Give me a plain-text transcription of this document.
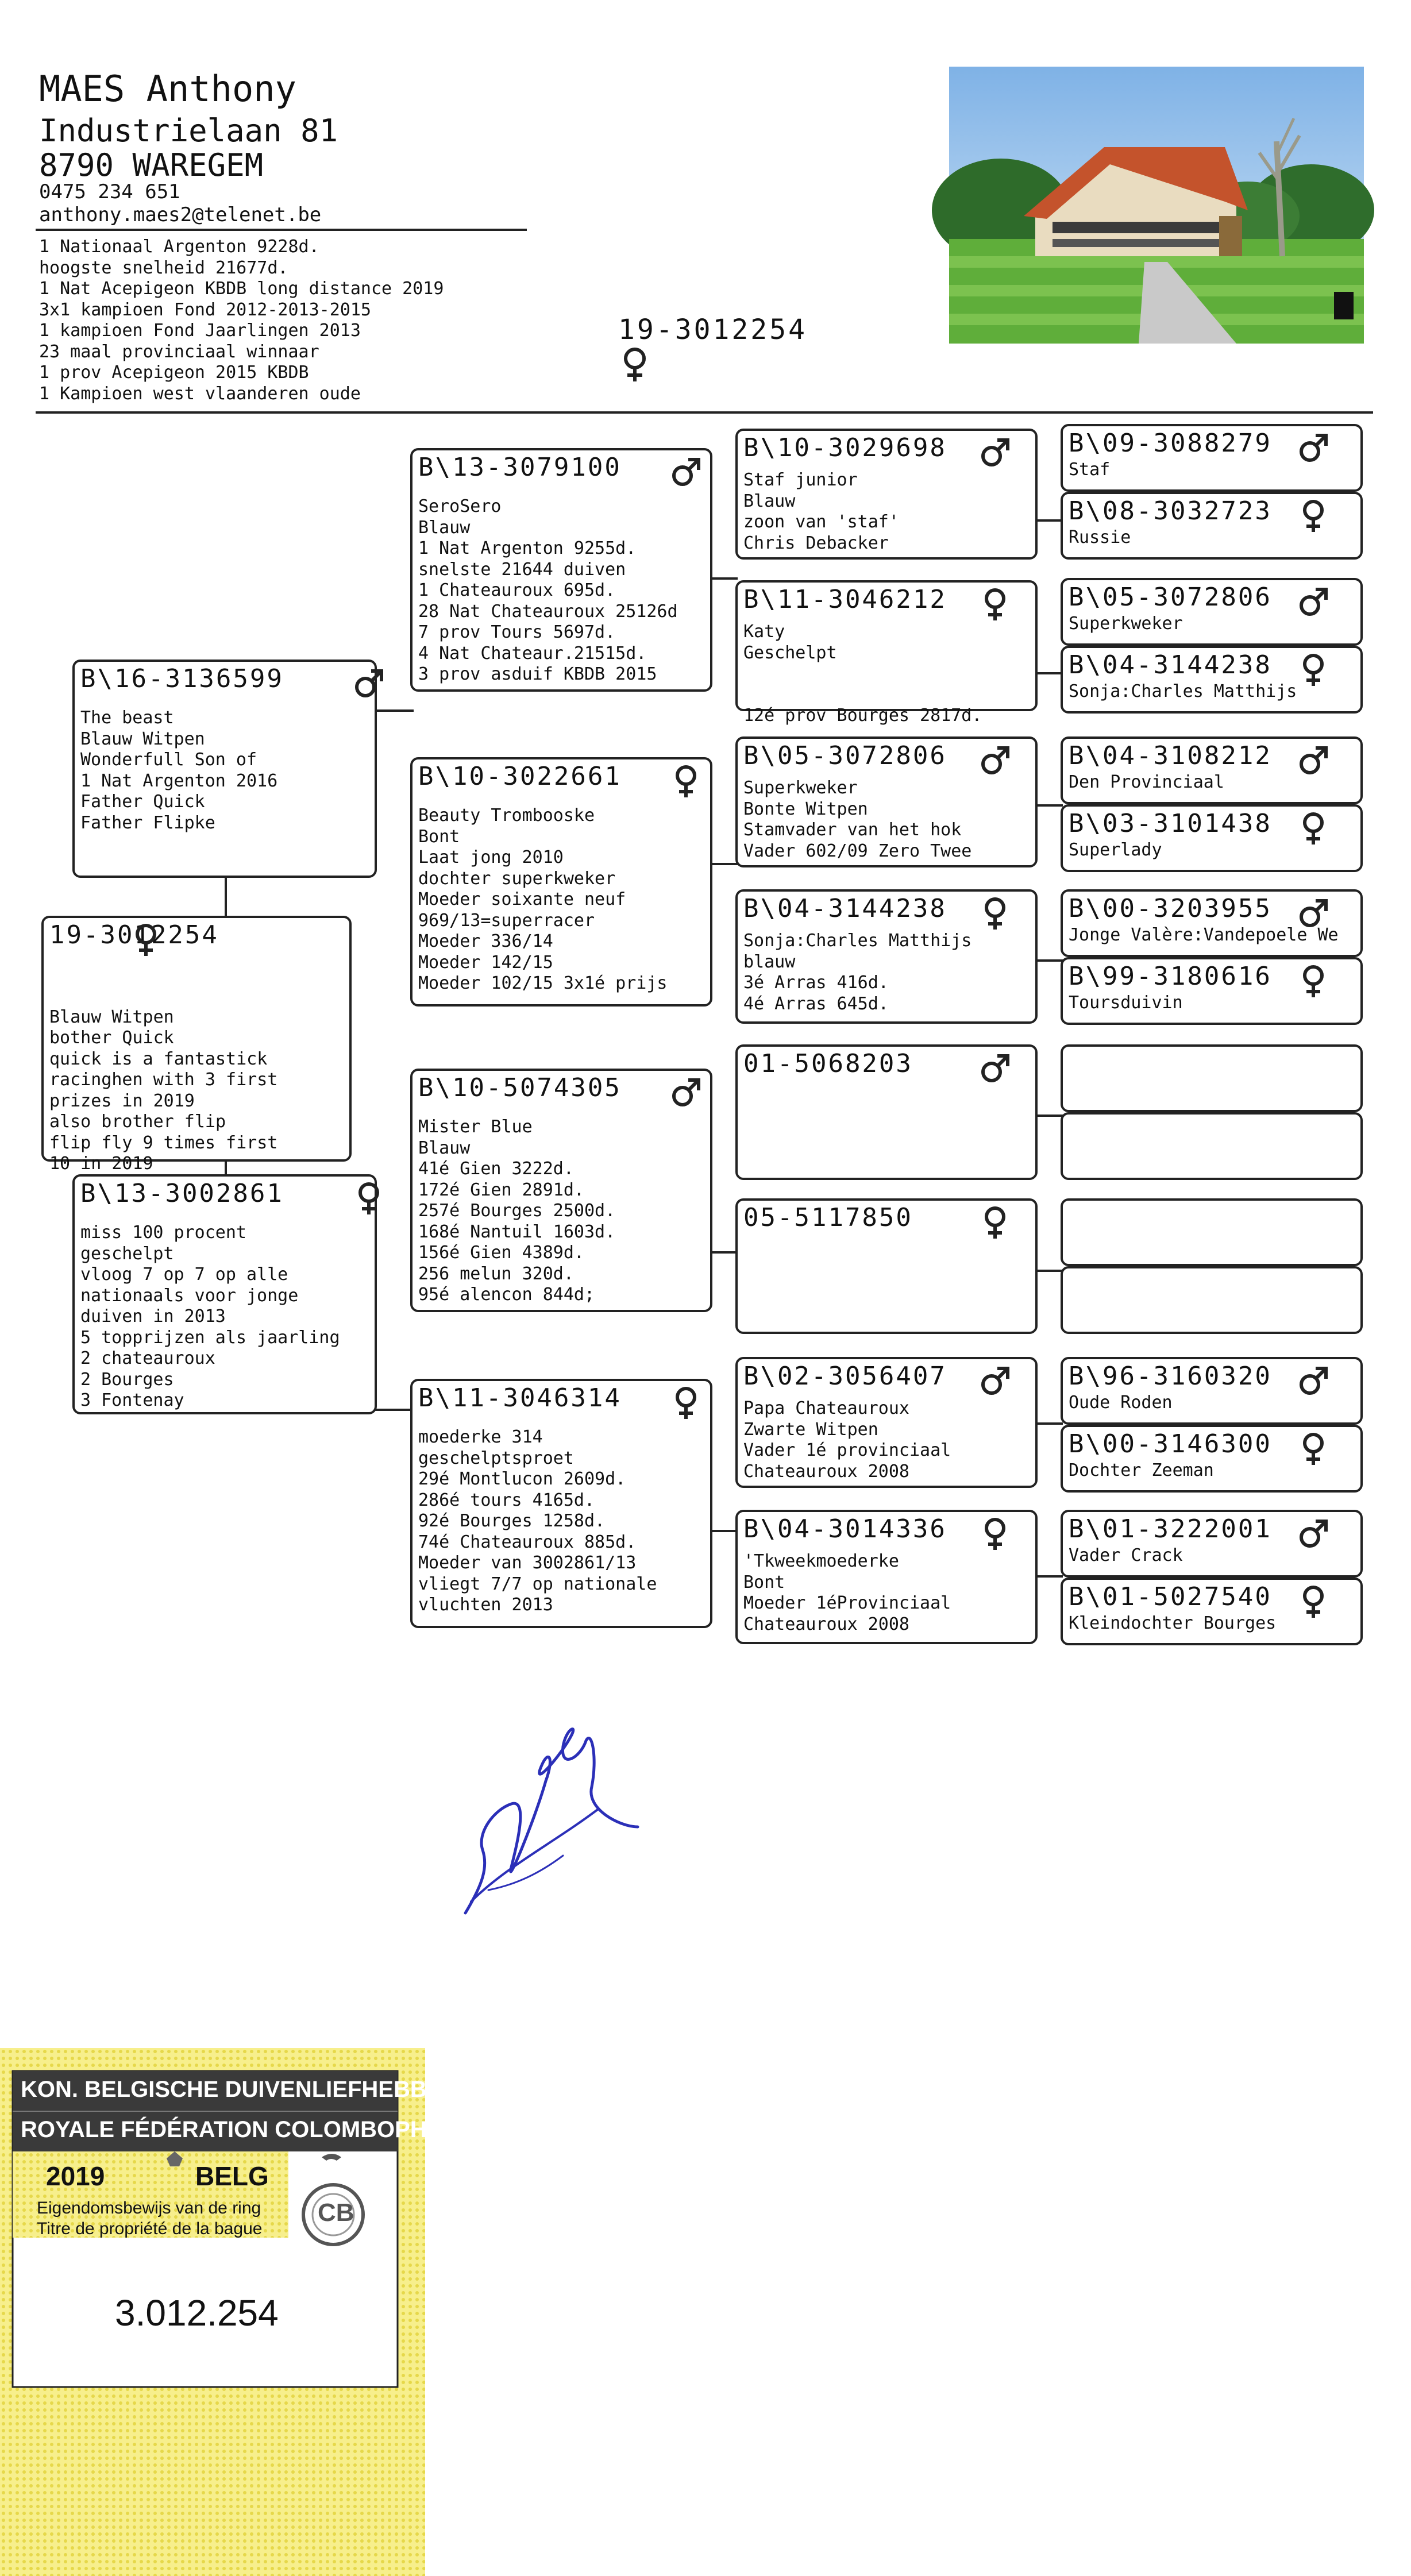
MAES Anthony
Industrielaan 81
8790 WAREGEM
0475 234 651
anthony.maes2@telenet.be
1 Nationaal Argenton 9228d.
hoogste snelheid 21677d.
1 Nat Acepigeon KBDB long distance 2019
3x1 kampioen Fond 2012-2013-2015
1 kampioen Fond Jaarlingen 2013
23 maal provinciaal winnaar
1 prov Acepigeon 2015 KBDB
1 Kampioen west vlaanderen oude
19-3012254
19-3012254

Blauw Witpen
bother Quick
quick is a fantastick
racinghen with 3 first
prizes in 2019
also brother flip
flip fly 9 times first
10 in 2019
B\16-3136599
The beast
Blauw Witpen
Wonderfull Son of
1 Nat Argenton 2016
Father Quick
Father Flipke
B\13-3002861
miss 100 procent
geschelpt
vloog 7 op 7 op alle
nationaals voor jonge
duiven in 2013
5 topprijzen als jaarling
2 chateauroux
2 Bourges
3 Fontenay
B\13-3079100
SeroSero
Blauw
1 Nat Argenton 9255d.
snelste 21644 duiven
1 Chateauroux 695d.
28 Nat Chateauroux 25126d
7 prov Tours 5697d.
4 Nat Chateaur.21515d.
3 prov asduif KBDB 2015
B\10-3022661
Beauty Trombooske
Bont
Laat jong 2010
dochter superkweker
Moeder soixante neuf
969/13=superracer
Moeder 336/14
Moeder 142/15
Moeder 102/15 3x1é prijs
B\10-5074305
Mister Blue
Blauw
41é Gien 3222d.
172é Gien 2891d.
257é Bourges 2500d.
168é Nantuil 1603d.
156é Gien 4389d.
256 melun 320d.
95é alencon 844d;
B\11-3046314
moederke 314
geschelptsproet
29é Montlucon 2609d.
286é tours 4165d.
92é Bourges 1258d.
74é Chateauroux 885d.
Moeder van 3002861/13
vliegt 7/7 op nationale
vluchten 2013
B\10-3029698
Staf junior
Blauw
zoon van 'staf'
Chris Debacker
B\11-3046212
Katy
Geschelpt

12é prov Bourges 2817d.
B\05-3072806
Superkweker
Bonte Witpen
Stamvader van het hok
Vader 602/09 Zero Twee
B\04-3144238
Sonja:Charles Matthijs
blauw
3é Arras 416d.
4é Arras 645d.
01-5068203
05-5117850
B\02-3056407
Papa Chateauroux
Zwarte Witpen
Vader 1é provinciaal
Chateauroux 2008
B\04-3014336
'Tkweekmoederke
Bont
Moeder 1éProvinciaal
Chateauroux 2008
B\09-3088279
Staf
B\08-3032723
Russie
B\05-3072806
Superkweker
B\04-3144238
Sonja:Charles Matthijs
B\04-3108212
Den Provinciaal
B\03-3101438
Superlady
B\00-3203955
Jonge Valère:Vandepoele We
B\99-3180616
Toursduivin
B\96-3160320
Oude Roden
B\00-3146300
Dochter Zeeman
B\01-3222001
Vader Crack
B\01-5027540
Kleindochter Bourges
KON. BELGISCHE DUIVENLIEFHEBBERSBOND
ROYALE FÉDÉRATION COLOMBOPHILE BELGE
2019	BELG
Eigendomsbewijs van de ring
Titre de propriété de la bague
CB
3.012.254
